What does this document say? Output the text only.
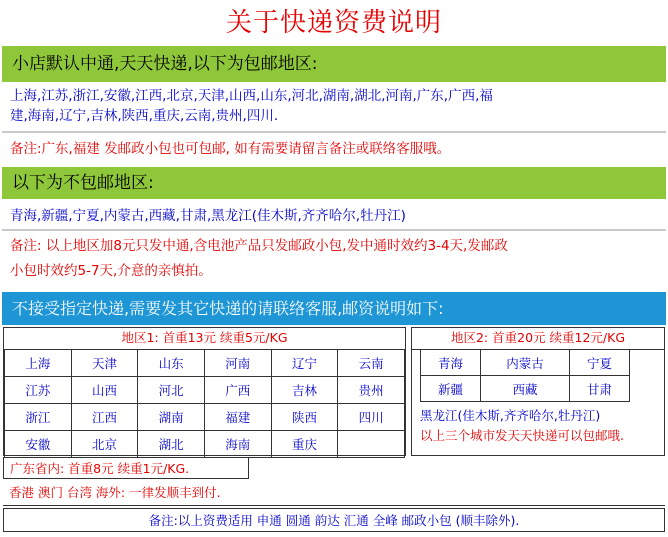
关于快递资费说明
小店默认中通,天天快递,以下为包邮地区:
上海,江苏,浙江,安徽,江西,北京,天津,山西,山东,河北,湖南,湖北,河南,广东,广西,福
建,海南,辽宁,吉林,陕西,重庆,云南,贵州,四川.
备注:广东,福建 发邮政小包也可包邮, 如有需要请留言备注或联络客服哦。
以下为不包邮地区:
青海,新疆,宁夏,内蒙古,西藏,甘肃,黑龙江(佳木斯,齐齐哈尔,牡丹江)
备注: 以上地区加8元只发中通,含电池产品只发邮政小包,发中通时效约3-4天,发邮政
小包时效约5-7天,介意的亲慎拍。
不接受指定快递,需要发其它快递的请联络客服,邮资说明如下:
地区1: 首重13元 续重5元/KG
上海	天津	山东	河南	辽宁	云南
江苏	山西	河北	广西	吉林	贵州
浙江	江西	湖南	福建	陕西	四川
安徽	北京	湖北	海南	重庆	
地区2: 首重20元 续重12元/KG
青海	内蒙古	宁夏
新疆	西藏	甘肃
黑龙江(佳木斯,齐齐哈尔,牡丹江)
以上三个城市发天天快递可以包邮哦.
广东省内: 首重8元 续重1元/KG.
香港 澳门 台湾 海外: 一律发顺丰到付.
备注:以上资费适用 申通 圆通 韵达 汇通 全峰 邮政小包 (顺丰除外).
